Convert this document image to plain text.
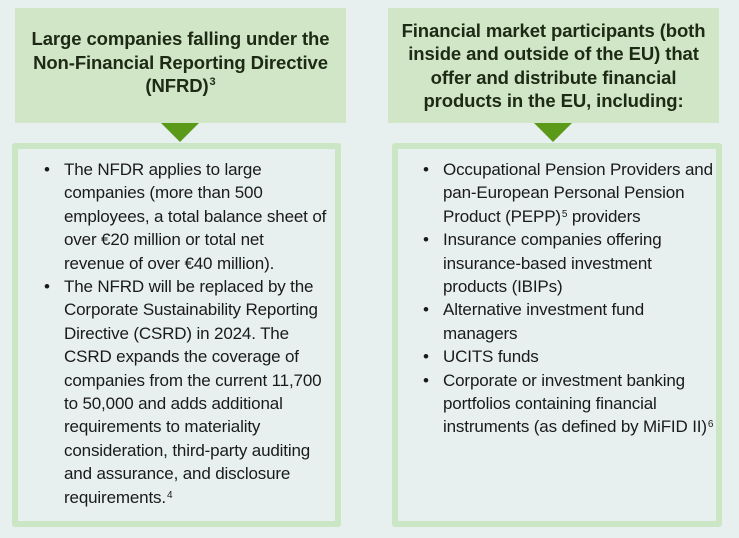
Large companies falling under the Non-Financial Reporting Directive (NFRD)$^3$
• The NFDR applies to large companies (more than 500 employees, a total balance sheet of over €20 million or total net revenue of over €40 million).
• The NFRD will be replaced by the Corporate Sustainability Reporting Directive (CSRD) in 2024. The CSRD expands the coverage of companies from the current 11,700 to 50,000 and adds additional requirements to materiality consideration, third-party auditing and assurance, and disclosure requirements.$^4$
Financial market participants (both inside and outside of the EU) that offer and distribute financial products in the EU, including:
• Occupational Pension Providers and pan-European Personal Pension Product (PEPP)$^5$ providers
• Insurance companies offering insurance-based investment products (IBIPs)
• Alternative investment fund managers
• UCITS funds
• Corporate or investment banking portfolios containing financial instruments (as defined by MiFID II)$^6$
